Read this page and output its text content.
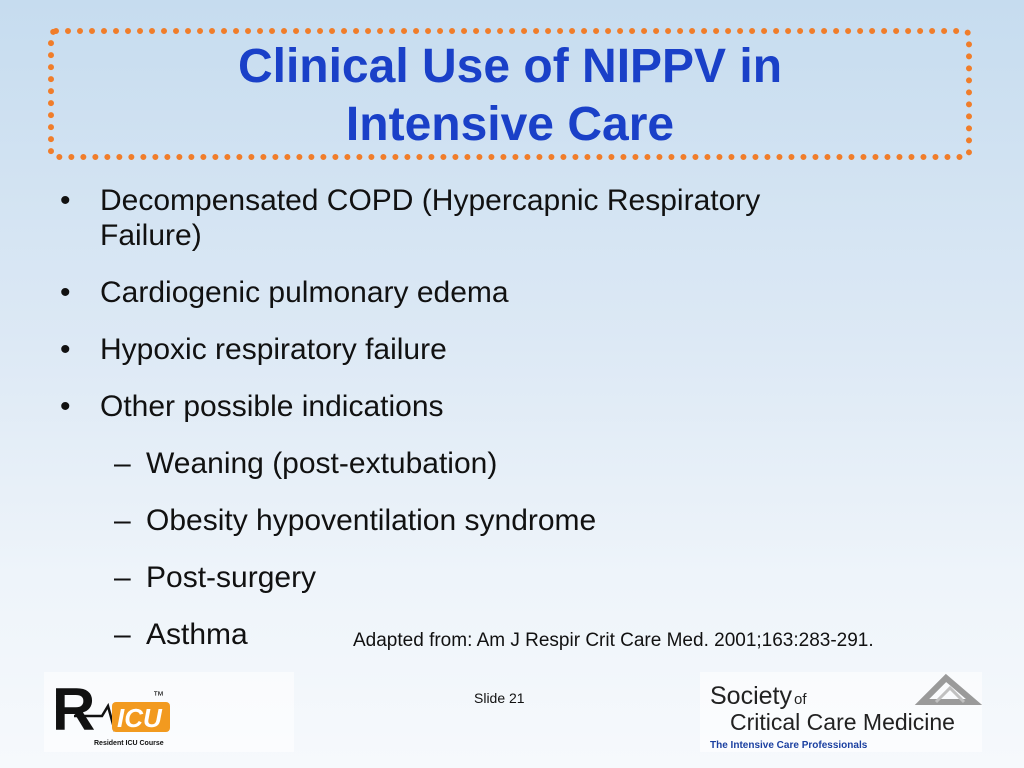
Clinical Use of NIPPV in
Intensive Care
• Decompensated COPD (Hypercapnic Respiratory
Failure)
• Cardiogenic pulmonary edema
• Hypoxic respiratory failure
• Other possible indications
– Weaning (post-extubation)
– Obesity hypoventilation syndrome
– Post-surgery
– Asthma	Adapted from: Am J Respir Crit Care Med. 2001;163:283-291.
R ICU
Resident ICU Course
™	Slide 21	Society of
Critical Care Medicine
The Intensive Care Professionals
